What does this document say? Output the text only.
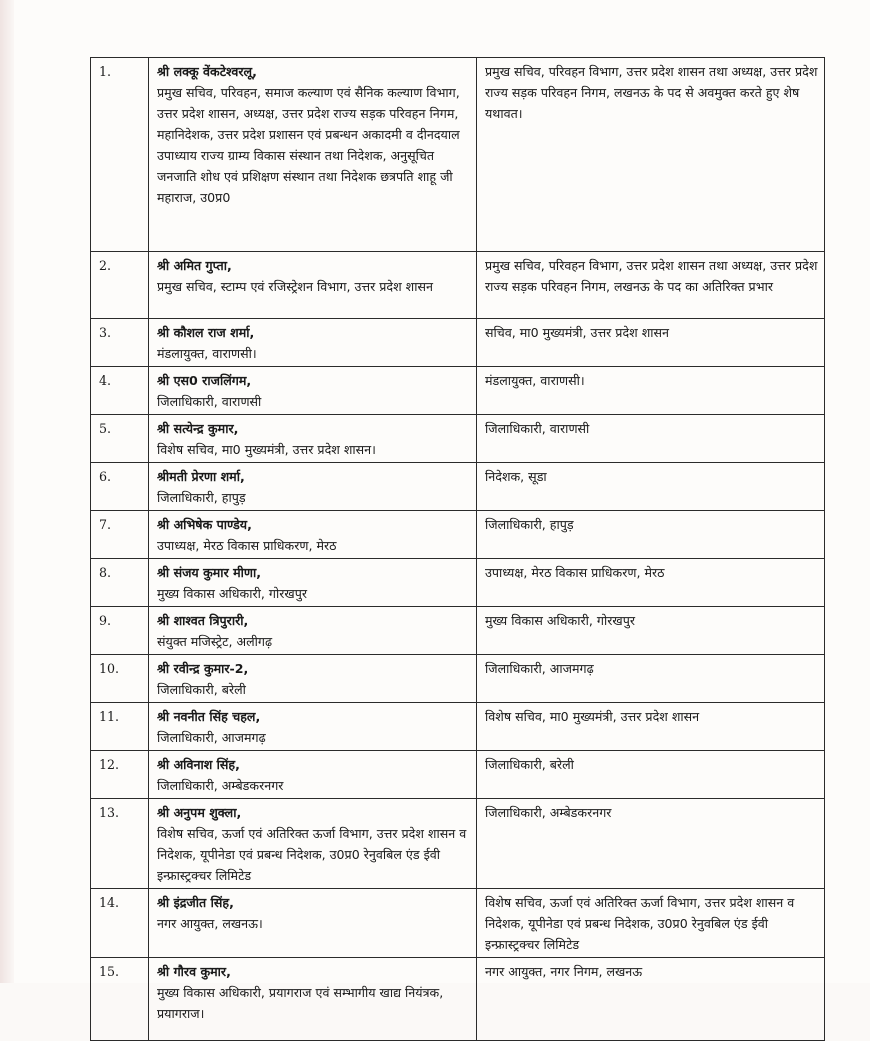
1.	श्री लक्कू वेंकटेश्वरलू,
प्रमुख सचिव, परिवहन, समाज कल्याण एवं सैनिक कल्याण विभाग, उत्तर प्रदेश शासन, अध्यक्ष, उत्तर प्रदेश राज्य सड़क परिवहन निगम, महानिदेशक, उत्तर प्रदेश प्रशासन एवं प्रबन्धन अकादमी व दीनदयाल उपाध्याय राज्य ग्राम्य विकास संस्थान तथा निदेशक, अनुसूचित जनजाति शोध एवं प्रशिक्षण संस्थान तथा निदेशक छत्रपति शाहू जी महाराज, उ0प्र0	प्रमुख सचिव, परिवहन विभाग, उत्तर प्रदेश शासन तथा अध्यक्ष, उत्तर प्रदेश राज्य सड़क परिवहन निगम, लखनऊ के पद से अवमुक्त करते हुए शेष यथावत।

2.	श्री अमित गुप्ता,
प्रमुख सचिव, स्टाम्प एवं रजिस्ट्रेशन विभाग, उत्तर प्रदेश शासन	प्रमुख सचिव, परिवहन विभाग, उत्तर प्रदेश शासन तथा अध्यक्ष, उत्तर प्रदेश राज्य सड़क परिवहन निगम, लखनऊ के पद का अतिरिक्त प्रभार

3.	श्री कौशल राज शर्मा,
मंडलायुक्त, वाराणसी।	सचिव, मा0 मुख्यमंत्री, उत्तर प्रदेश शासन

4.	श्री एस0 राजलिंगम,
जिलाधिकारी, वाराणसी	मंडलायुक्त, वाराणसी।

5.	श्री सत्येन्द्र कुमार,
विशेष सचिव, मा0 मुख्यमंत्री, उत्तर प्रदेश शासन।	जिलाधिकारी, वाराणसी

6.	श्रीमती प्रेरणा शर्मा,
जिलाधिकारी, हापुड़	निदेशक, सूडा

7.	श्री अभिषेक पाण्डेय,
उपाध्यक्ष, मेरठ विकास प्राधिकरण, मेरठ	जिलाधिकारी, हापुड़

8.	श्री संजय कुमार मीणा,
मुख्य विकास अधिकारी, गोरखपुर	उपाध्यक्ष, मेरठ विकास प्राधिकरण, मेरठ

9.	श्री शाश्वत त्रिपुरारी,
संयुक्त मजिस्ट्रेट, अलीगढ़	मुख्य विकास अधिकारी, गोरखपुर

10.	श्री रवीन्द्र कुमार-2,
जिलाधिकारी, बरेली	जिलाधिकारी, आजमगढ़

11.	श्री नवनीत सिंह चहल,
जिलाधिकारी, आजमगढ़	विशेष सचिव, मा0 मुख्यमंत्री, उत्तर प्रदेश शासन

12.	श्री अविनाश सिंह,
जिलाधिकारी, अम्बेडकरनगर	जिलाधिकारी, बरेली

13.	श्री अनुपम शुक्ला,
विशेष सचिव, ऊर्जा एवं अतिरिक्त ऊर्जा विभाग, उत्तर प्रदेश शासन व निदेशक, यूपीनेडा एवं प्रबन्ध निदेशक, उ0प्र0 रेनुवबिल एंड ईवी इन्फ्रास्ट्रक्चर लिमिटेड	जिलाधिकारी, अम्बेडकरनगर

14.	श्री इंद्रजीत सिंह,
नगर आयुक्त, लखनऊ।	विशेष सचिव, ऊर्जा एवं अतिरिक्त ऊर्जा विभाग, उत्तर प्रदेश शासन व निदेशक, यूपीनेडा एवं प्रबन्ध निदेशक, उ0प्र0 रेनुवबिल एंड ईवी इन्फ्रास्ट्रक्चर लिमिटेड

15.	श्री गौरव कुमार,
मुख्य विकास अधिकारी, प्रयागराज एवं सम्भागीय खाद्य नियंत्रक, प्रयागराज।	नगर आयुक्त, नगर निगम, लखनऊ
